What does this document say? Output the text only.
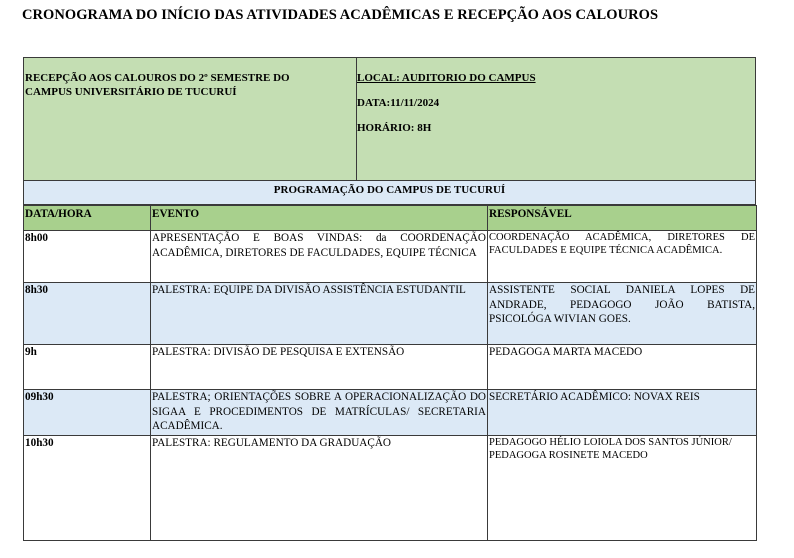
CRONOGRAMA DO INÍCIO DAS ATIVIDADES ACADÊMICAS E RECEPÇÃO AOS CALOUROS
RECEPÇÃO AOS CALOUROS DO 2º SEMESTRE DO CAMPUS UNIVERSITÁRIO DE TUCURUÍ
LOCAL: AUDITORIO DO CAMPUS
DATA:11/11/2024
HORÁRIO: 8H
PROGRAMAÇÃO DO CAMPUS DE TUCURUÍ
DATA/HORA	EVENTO	RESPONSÁVEL
8h00	APRESENTAÇÃO E BOAS VINDAS: da COORDENAÇÃO ACADÊMICA, DIRETORES DE FACULDADES, EQUIPE TÉCNICA	COORDENAÇÃO ACADÊMICA, DIRETORES DE FACULDADES E EQUIPE TÉCNICA ACADÊMICA.
8h30	PALESTRA: EQUIPE DA DIVISÃO ASSISTÊNCIA ESTUDANTIL	ASSISTENTE SOCIAL DANIELA LOPES DE ANDRADE, PEDAGOGO JOÃO BATISTA, PSICOLÓGA WIVIAN GOES.
9h	PALESTRA: DIVISÃO DE PESQUISA E EXTENSÃO	PEDAGOGA MARTA MACEDO
09h30	PALESTRA; ORIENTAÇÕES SOBRE A OPERACIONALIZAÇÃO DO SIGAA E PROCEDIMENTOS DE MATRÍCULAS/ SECRETARIA ACADÊMICA.	SECRETÁRIO ACADÊMICO: NOVAX REIS
10h30	PALESTRA: REGULAMENTO DA GRADUAÇÃO	PEDAGOGO HÉLIO LOIOLA DOS SANTOS JÚNIOR/ PEDAGOGA ROSINETE MACEDO
